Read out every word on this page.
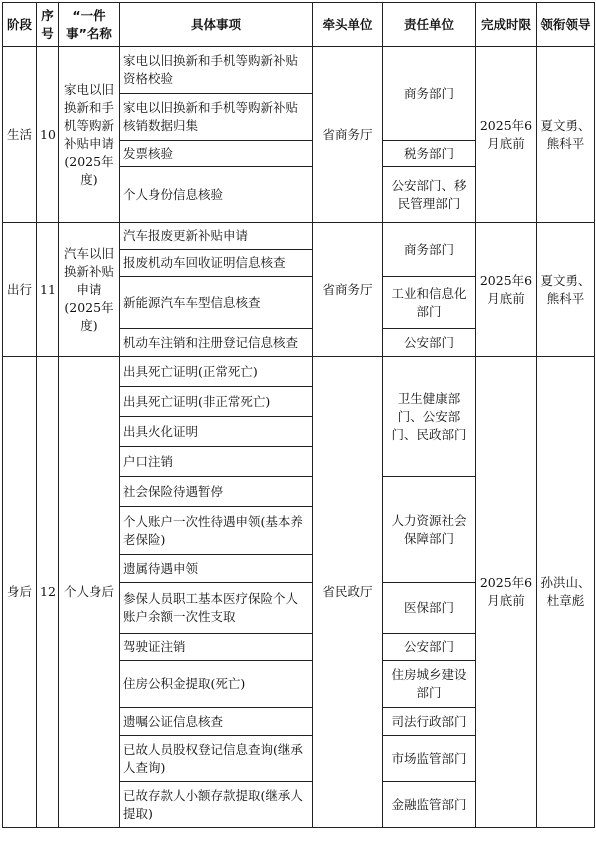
阶段	序号	“一件事”名称	具体事项	牵头单位	责任单位	完成时限	领衔领导
生活	10	家电以旧换新和手机等购新补贴申请(2025年度)	家电以旧换新和手机等购新补贴资格校验	省商务厅	商务部门	2025年6月底前	夏文勇、熊科平
			家电以旧换新和手机等购新补贴核销数据归集				
			发票核验		税务部门		
			个人身份信息核验		公安部门、移民管理部门		
出行	11	汽车以旧换新补贴申请(2025年度)	汽车报废更新补贴申请	省商务厅	商务部门	2025年6月底前	夏文勇、熊科平
			报废机动车回收证明信息核查				
			新能源汽车车型信息核查		工业和信息化部门		
			机动车注销和注册登记信息核查		公安部门		
身后	12	个人身后	出具死亡证明(正常死亡)	省民政厅	卫生健康部门、公安部门、民政部门	2025年6月底前	孙洪山、杜章彪
			出具死亡证明(非正常死亡)				
			出具火化证明				
			户口注销				
			社会保险待遇暂停		人力资源社会保障部门		
			个人账户一次性待遇申领(基本养老保险)				
			遗属待遇申领				
			参保人员职工基本医疗保险个人账户余额一次性支取		医保部门		
			驾驶证注销		公安部门		
			住房公积金提取(死亡)		住房城乡建设部门		
			遗嘱公证信息核查		司法行政部门		
			已故人员股权登记信息查询(继承人查询)		市场监管部门		
			已故存款人小额存款提取(继承人提取)		金融监管部门		
